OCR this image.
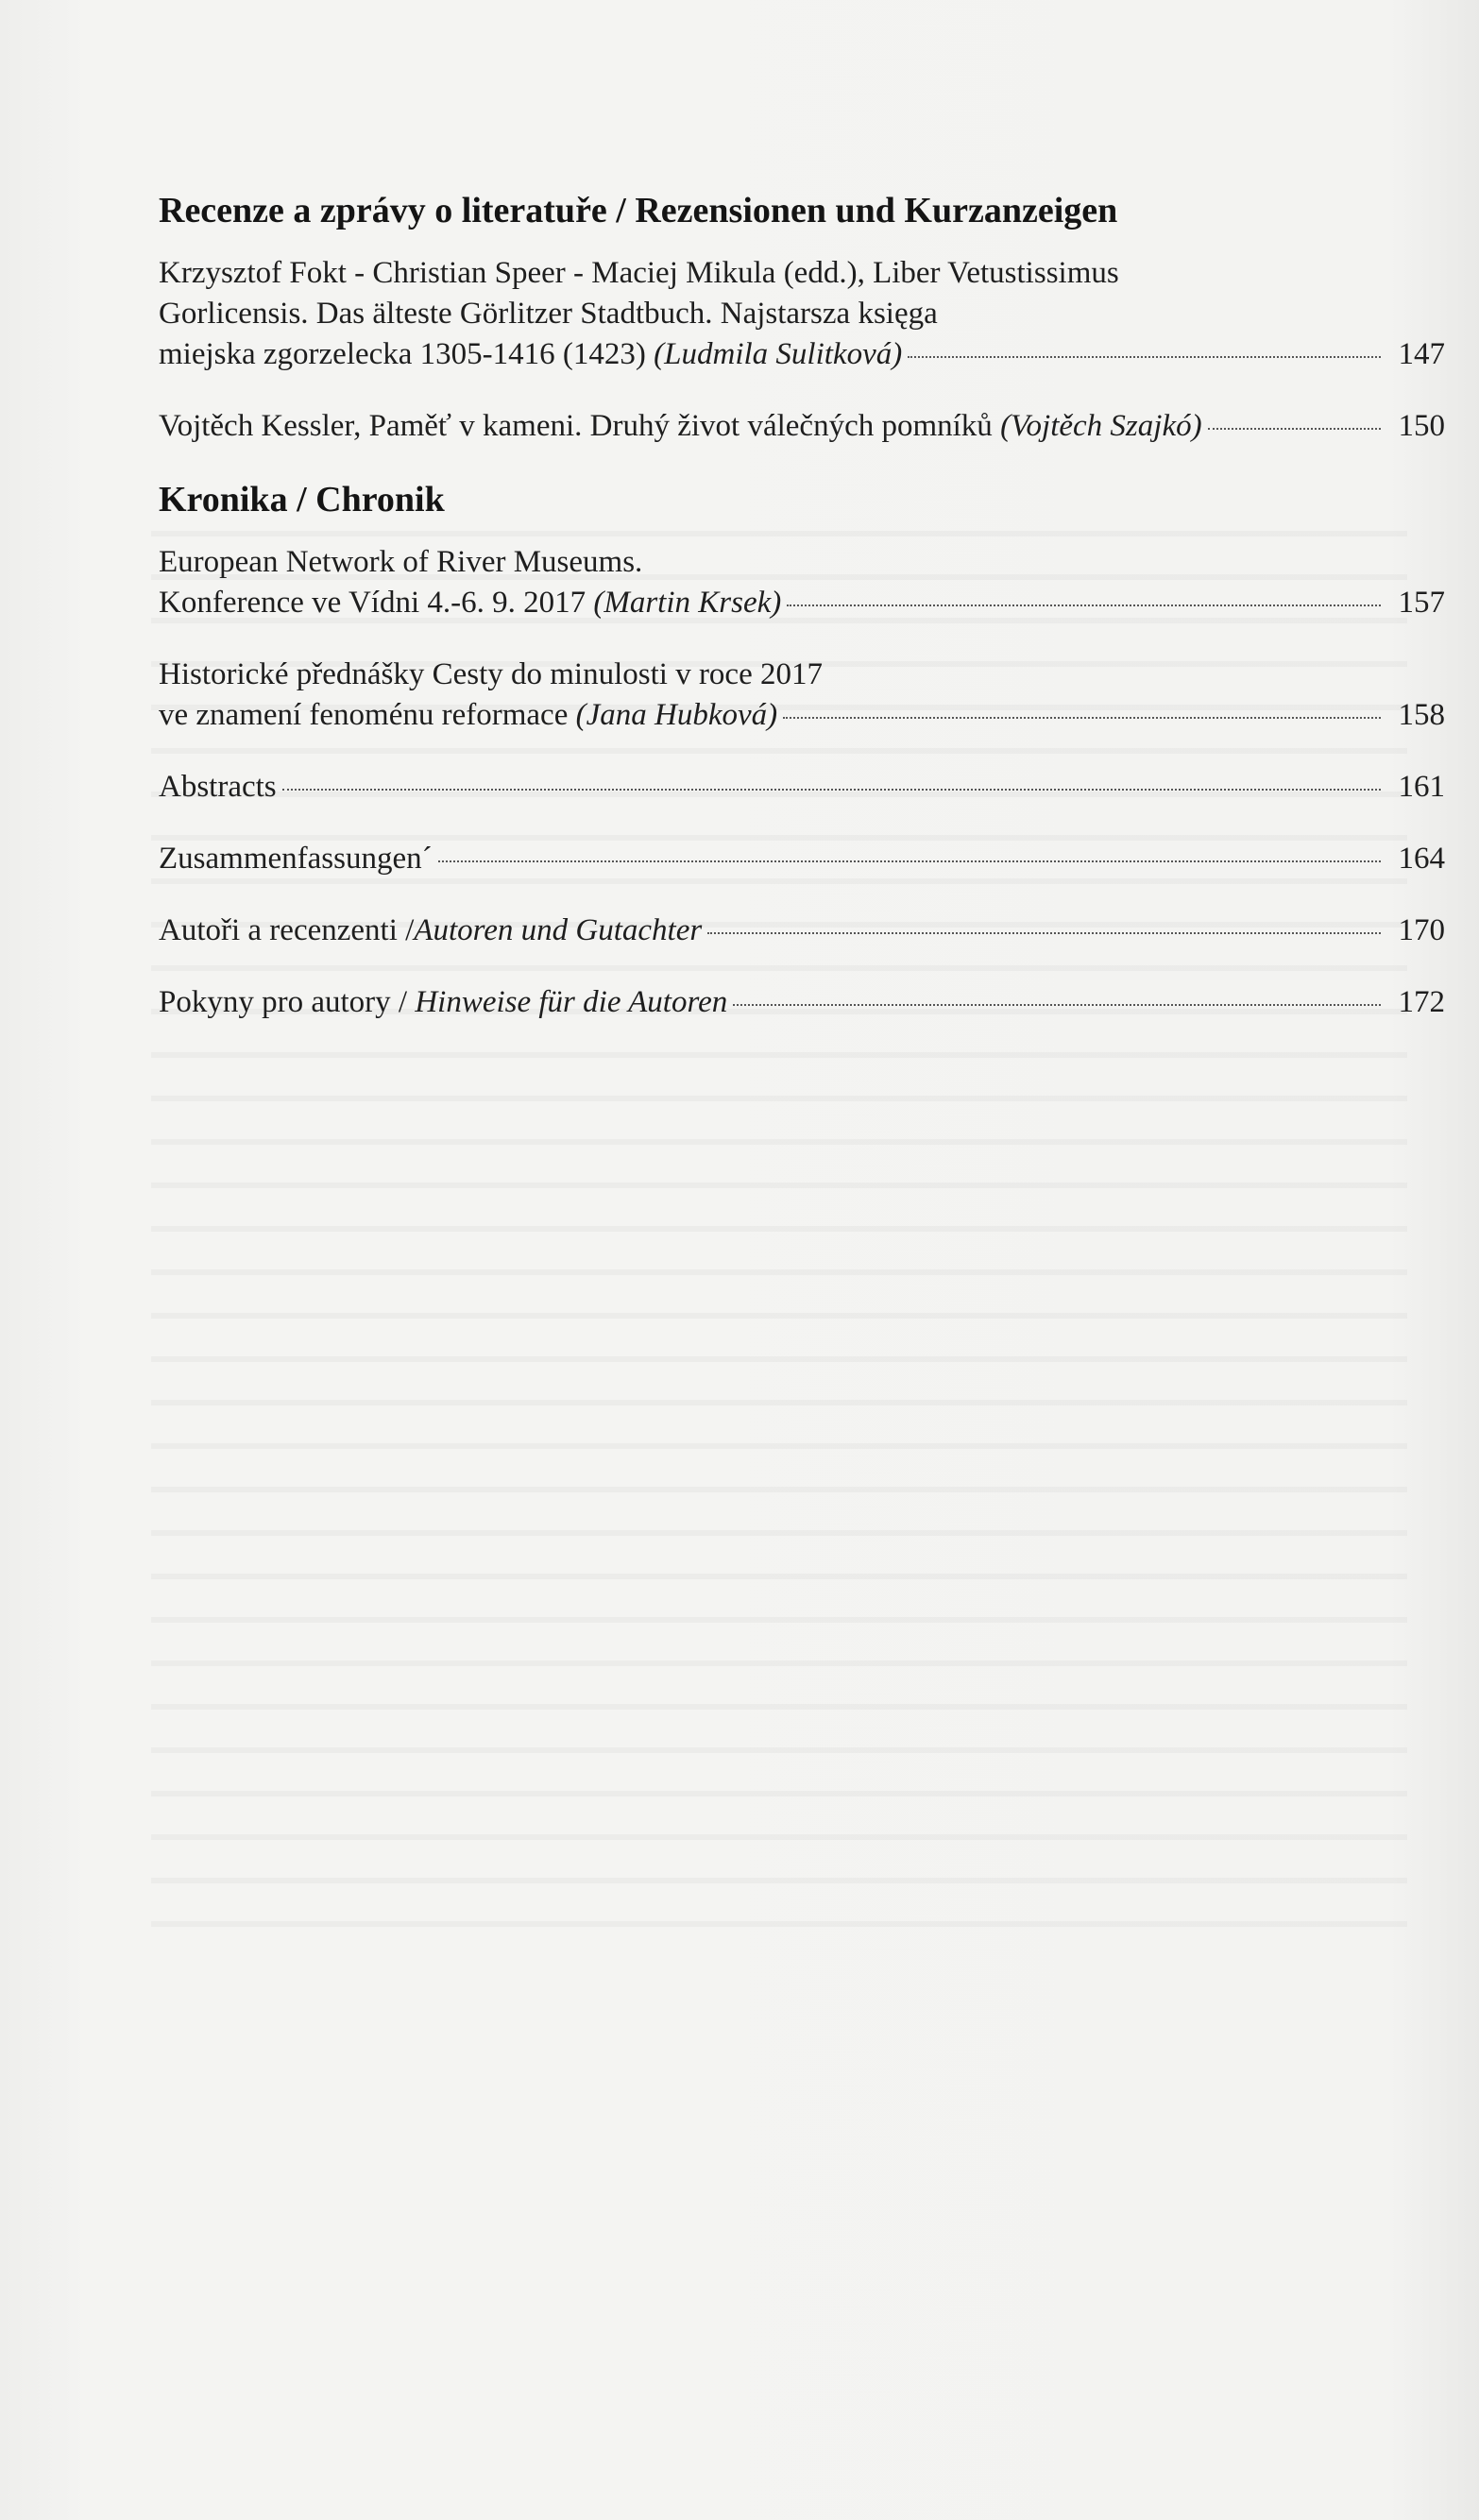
Recenze a zprávy o literatuře / Rezensionen und Kurzanzeigen
Krzysztof Fokt - Christian Speer - Maciej Mikula (edd.), Liber Vetustissimus
Gorlicensis. Das älteste Görlitzer Stadtbuch. Najstarsza księga
miejska zgorzelecka 1305-1416 (1423) (Ludmila Sulitková)	147
Vojtěch Kessler, Paměť v kameni. Druhý život válečných pomníků (Vojtěch Szajkó)	150
Kronika / Chronik
European Network of River Museums.
Konference ve Vídni 4.-6. 9. 2017 (Martin Krsek)	157
Historické přednášky Cesty do minulosti v roce 2017
ve znamení fenoménu reformace (Jana Hubková)	158
Abstracts	161
Zusammenfassungen´	164
Autoři a recenzenti /Autoren und Gutachter	170
Pokyny pro autory / Hinweise für die Autoren	172
